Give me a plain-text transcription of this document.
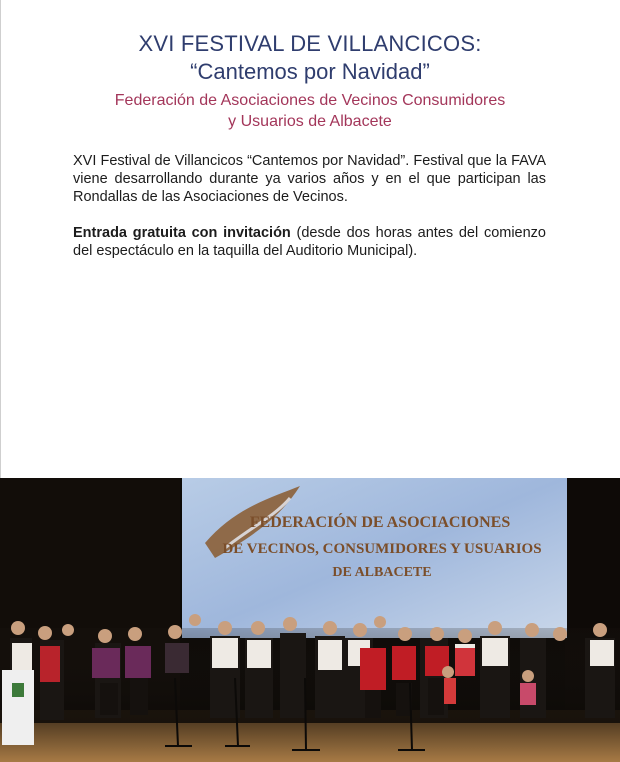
XVI FESTIVAL DE VILLANCICOS:
“Cantemos por Navidad”
Federación de Asociaciones de Vecinos Consumidores
y Usuarios de Albacete

XVI Festival de Villancicos “Cantemos por Navidad”. Festival que la FAVA viene desarrollando durante ya varios años y en el que participan las Rondallas de las Asociaciones de Vecinos.

Entrada gratuita con invitación (desde dos horas antes del comienzo del espectáculo en la taquilla del Auditorio Municipal).

FEDERACIÓN DE ASOCIACIONES
DE VECINOS, CONSUMIDORES Y USUARIOS
DE ALBACETE
